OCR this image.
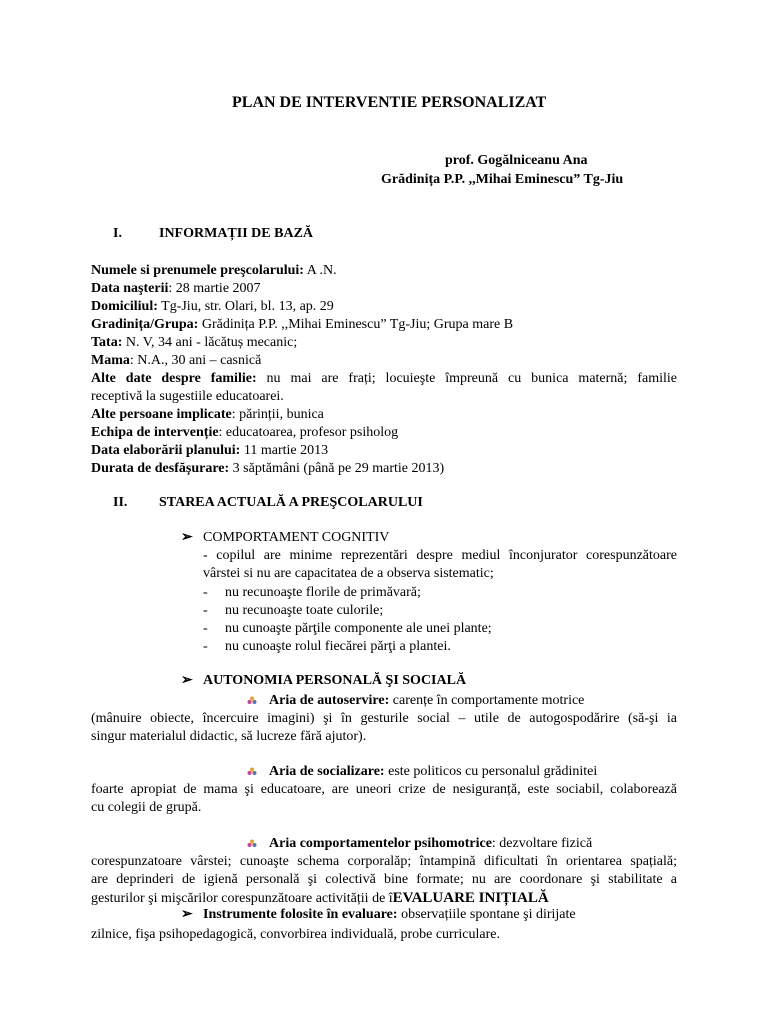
PLAN DE INTERVENTIE PERSONALIZAT
prof. Gogălniceanu Ana
Grădinița P.P. ,,Mihai Eminescu” Tg-Jiu
I.	INFORMAȚII DE BAZĂ
Numele si prenumele preşcolarului: A .N.
Data naşterii: 28 martie 2007
Domiciliul: Tg-Jiu, str. Olari, bl. 13, ap. 29
Gradinița/Grupa: Grădinița P.P. ,,Mihai Eminescu” Tg-Jiu; Grupa mare B
Tata: N. V, 34 ani - lăcătuș mecanic;
Mama: N.A., 30 ani – casnică
Alte date despre familie: nu mai are frați; locuieşte împreună cu bunica maternă; familie
receptivă la sugestiile educatoarei.
Alte persoane implicate: părinții, bunica
Echipa de intervenție: educatoarea, profesor psiholog
Data elaborării planului: 11 martie 2013
Durata de desfășurare: 3 săptămâni (până pe 29 martie 2013)
II. STAREA ACTUALĂ A PREŞCOLARULUI
➢ COMPORTAMENT COGNITIV
- copilul are minime reprezentări despre mediul înconjurator corespunzătoare
vârstei si nu are capacitatea de a observa sistematic;
- nu recunoaşte florile de primăvară;
- nu recunoaşte toate culorile;
- nu cunoaşte părţile componente ale unei plante;
- nu cunoaşte rolul fiecărei părţi a plantei.
➢ AUTONOMIA PERSONALĂ ŞI SOCIALĂ
Aria de autoservire: carențe în comportamente motrice
(mânuire obiecte, încercuire imagini) şi în gesturile social – utile de autogospodărire (să-şi ia
singur materialul didactic, să lucreze fără ajutor).
Aria de socializare: este politicos cu personalul grădinitei
foarte apropiat de mama şi educatoare, are uneori crize de nesiguranță, este sociabil, colaborează
cu colegii de grupă.
Aria comportamentelor psihomotrice: dezvoltare fizică
corespunzatoare vârstei; cunoaşte schema corporalăp; întampină dificultati în orientarea spațială;
are deprinderi de igienă personală şi colectivă bine formate; nu are coordonare şi stabilitate a
gesturilor şi mişcărilor corespunzătoare activității de îEVALUARE INIȚIALĂ
➢ Instrumente folosite în evaluare: observațiile spontane şi dirijate
zilnice, fişa psihopedagogică, convorbirea individuală, probe curriculare.
